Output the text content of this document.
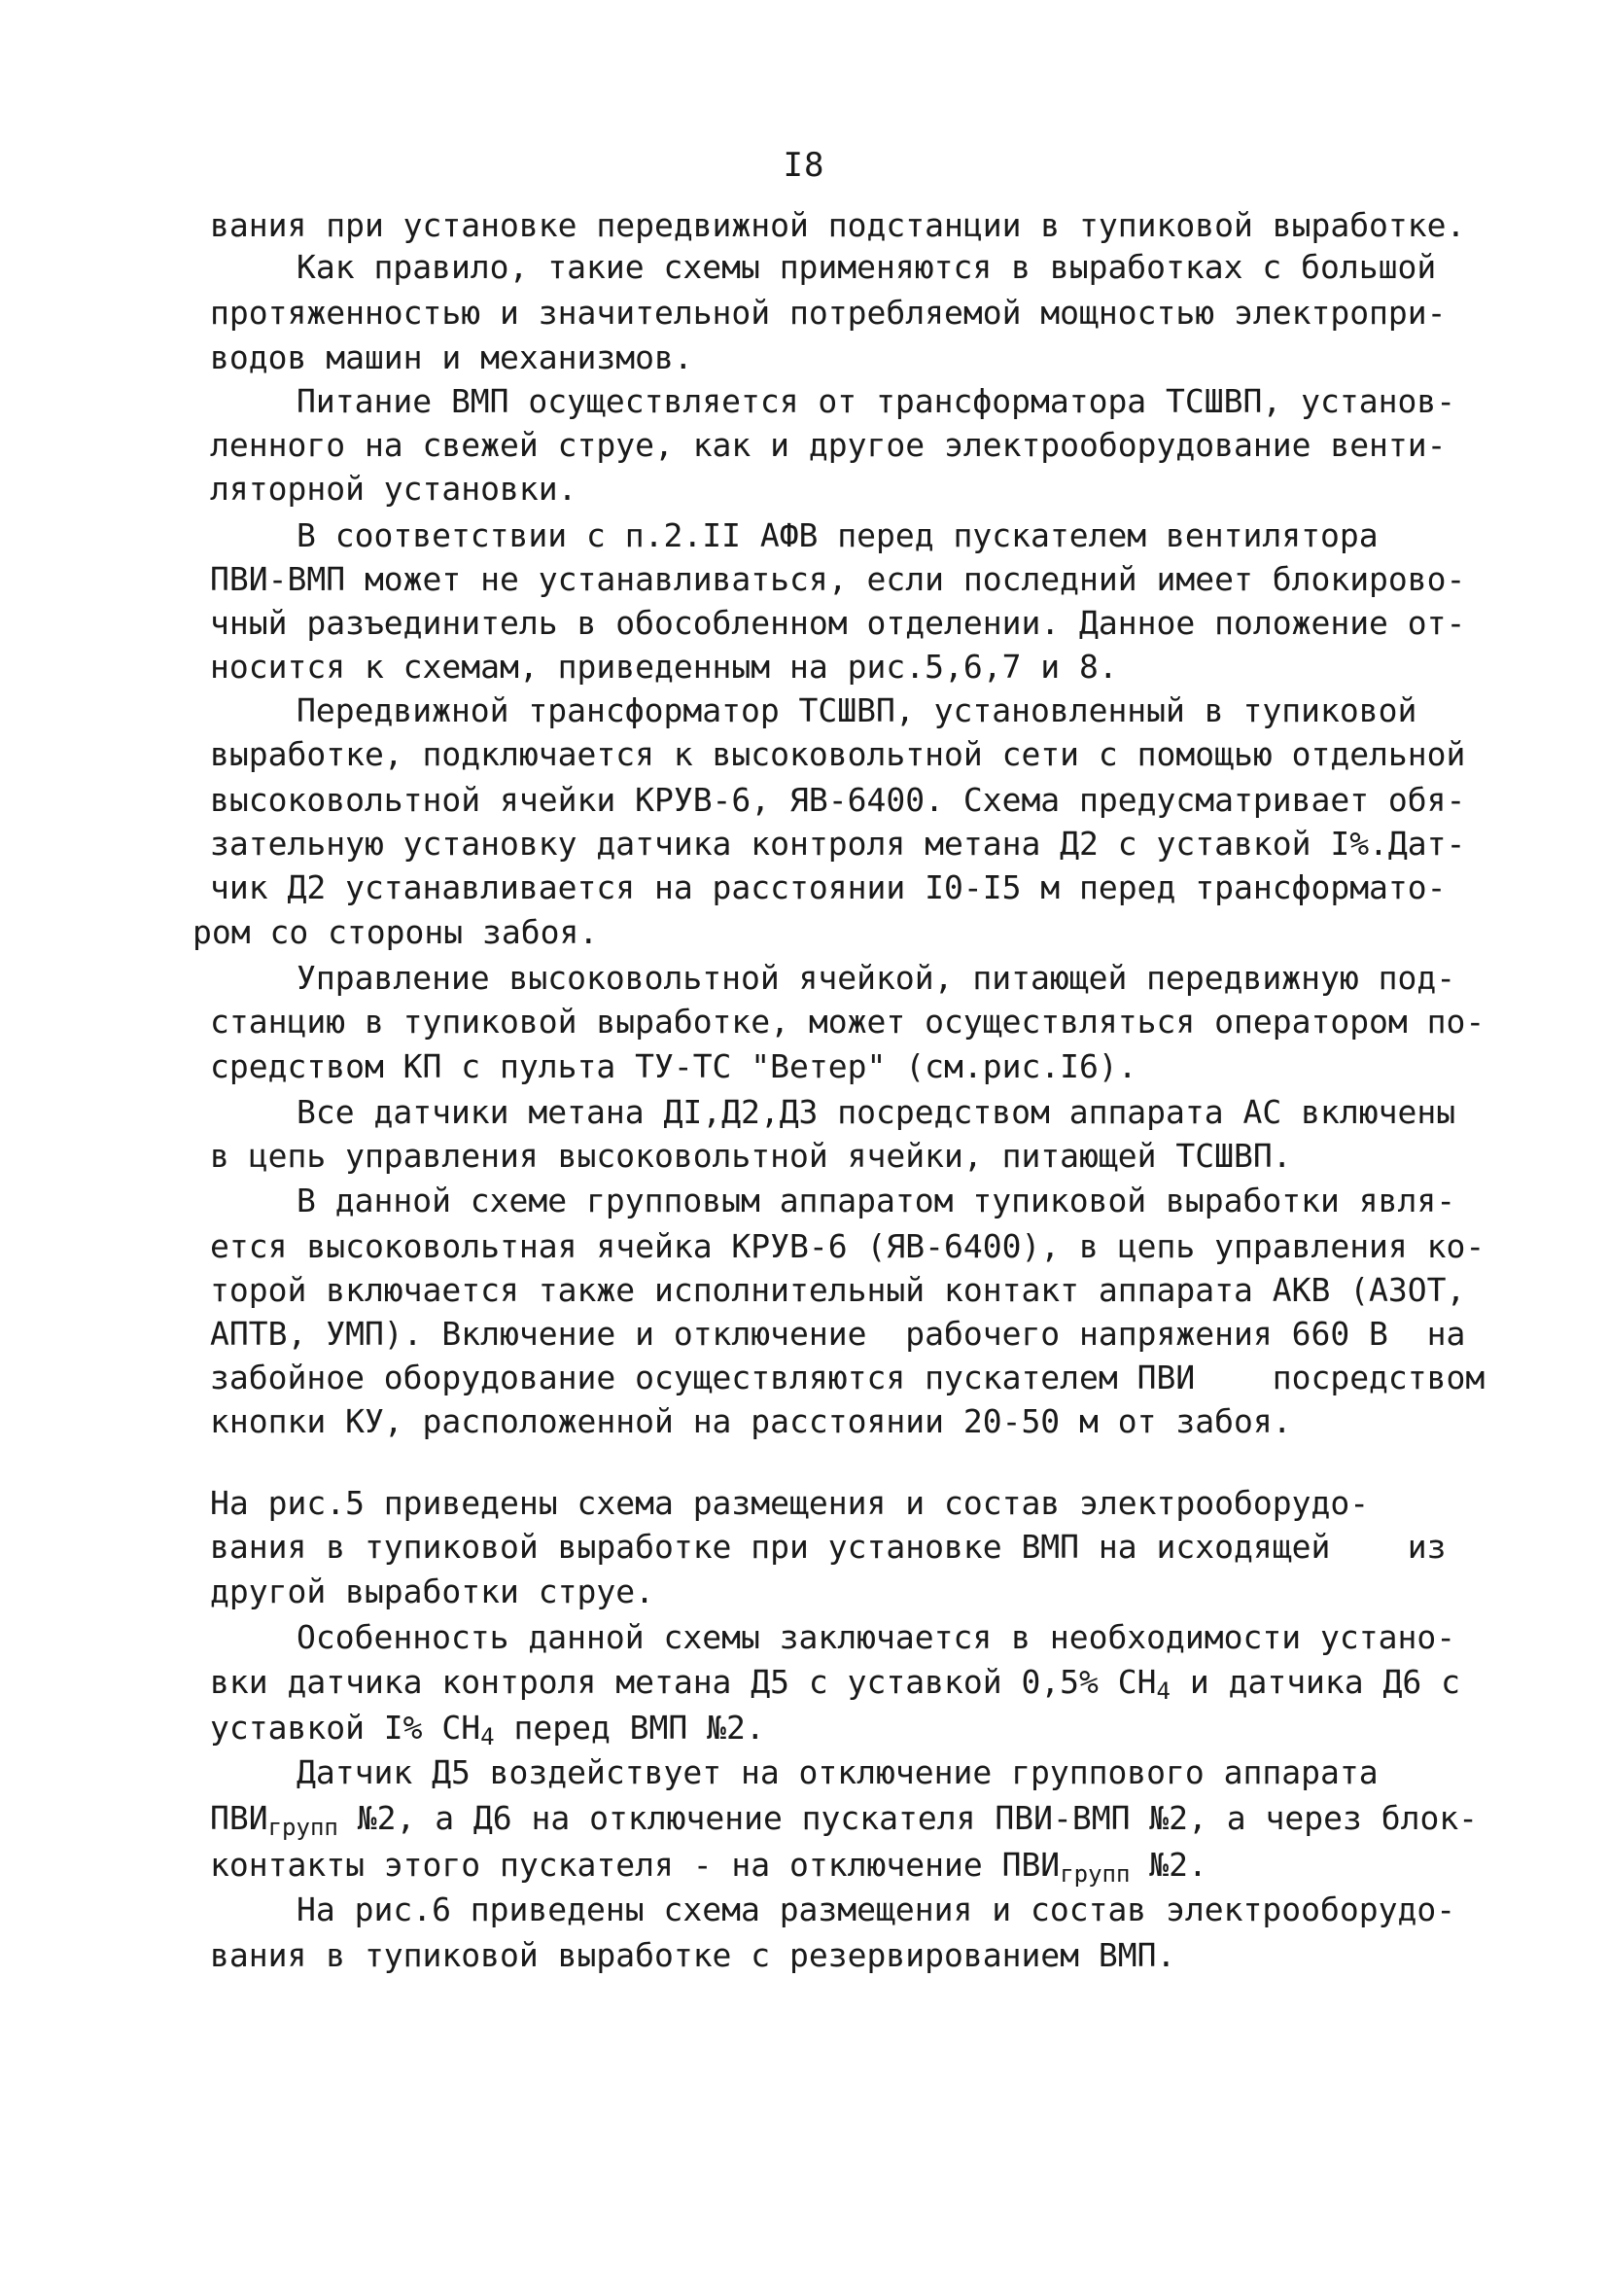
I8
вания при установке передвижной подстанции в тупиковой выработке.
Как правило, такие схемы применяются в выработках с большой
протяженностью и значительной потребляемой мощностью электропри-
водов машин и механизмов.
Питание ВМП осуществляется от трансформатора ТСШВП, установ-
ленного на свежей струе, как и другое электрооборудование венти-
ляторной установки.
В соответствии с п.2.II АФВ перед пускателем вентилятора
ПВИ-ВМП может не устанавливаться, если последний имеет блокирово-
чный разъединитель в обособленном отделении. Данное положение от-
носится к схемам, приведенным на рис.5,6,7 и 8.
Передвижной трансформатор ТСШВП, установленный в тупиковой
выработке, подключается к высоковольтной сети с помощью отдельной
высоковольтной ячейки КРУВ-6, ЯВ-6400. Схема предусматривает обя-
зательную установку датчика контроля метана Д2 с уставкой I%.Дат-
чик Д2 устанавливается на расстоянии I0-I5 м перед трансформато-
ром со стороны забоя.
Управление высоковольтной ячейкой, питающей передвижную под-
станцию в тупиковой выработке, может осуществляться оператором по-
средством КП с пульта ТУ-ТС "Ветер" (см.рис.I6).
Все датчики метана ДI,Д2,Д3 посредством аппарата АС включены
в цепь управления высоковольтной ячейки, питающей ТСШВП.
В данной схеме групповым аппаратом тупиковой выработки явля-
ется высоковольтная ячейка КРУВ-6 (ЯВ-6400), в цепь управления ко-
торой включается также исполнительный контакт аппарата АКВ (АЗОТ,
АПТВ, УМП). Включение и отключение  рабочего напряжения 660 В  на
забойное оборудование осуществляются пускателем ПВИ    посредством
кнопки КУ, расположенной на расстоянии 20-50 м от забоя.
На рис.5 приведены схема размещения и состав электрооборудо-
вания в тупиковой выработке при установке ВМП на исходящей    из
другой выработки струе.
Особенность данной схемы заключается в необходимости устано-
вки датчика контроля метана Д5 с уставкой 0,5% $СН_4$ и датчика Д6 с
уставкой I% $СН_4$ перед ВМП №2.
Датчик Д5 воздействует на отключение группового аппарата
$ПВИ_{групп}$ №2, а Д6 на отключение пускателя ПВИ-ВМП №2, а через блок-
контакты этого пускателя - на отключение $ПВИ_{групп}$ №2.
На рис.6 приведены схема размещения и состав электрооборудо-
вания в тупиковой выработке с резервированием ВМП.
